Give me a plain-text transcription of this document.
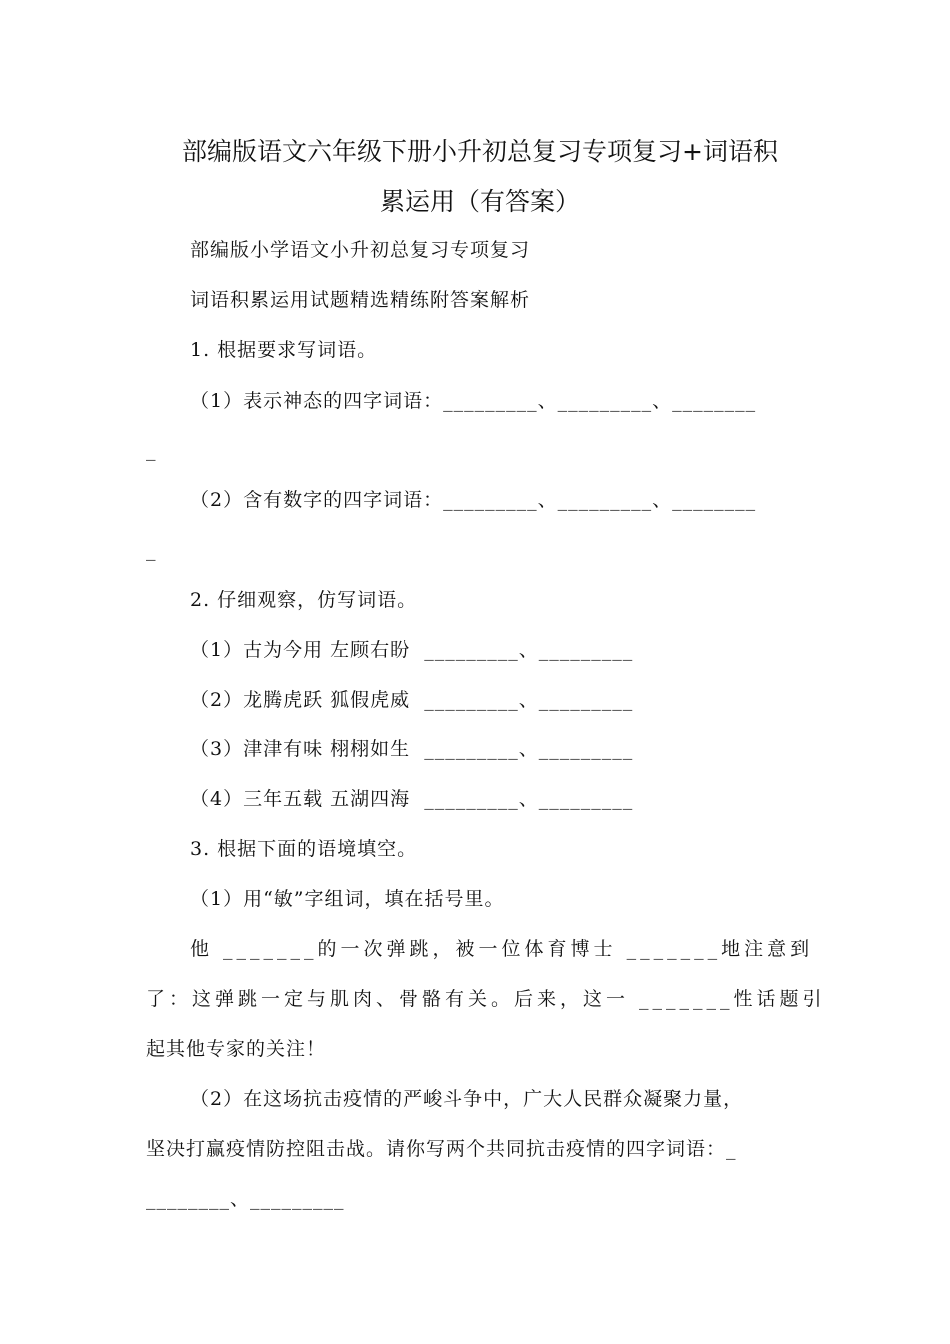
部编版语文六年级下册小升初总复习专项复习+词语积
累运用（有答案）
部编版小学语文小升初总复习专项复习
词语积累运用试题精选精练附答案解析
1. 根据要求写词语。
（1）表示神态的四字词语：_________、_________、________
_
（2）含有数字的四字词语：_________、_________、________
_
2. 仔细观察，仿写词语。
（1）古为今用 左顾右盼  _________、_________
（2）龙腾虎跃 狐假虎威  _________、_________
（3）津津有味 栩栩如生  _________、_________
（4）三年五载 五湖四海  _________、_________
3. 根据下面的语境填空。
（1）用“敏”字组词，填在括号里。
他 _______的一次弹跳，被一位体育博士 _______地注意到
了：这弹跳一定与肌肉、骨骼有关。后来，这一 _______性话题引
起其他专家的关注！
（2）在这场抗击疫情的严峻斗争中，广大人民群众凝聚力量，
坚决打赢疫情防控阻击战。请你写两个共同抗击疫情的四字词语：_
________、_________
